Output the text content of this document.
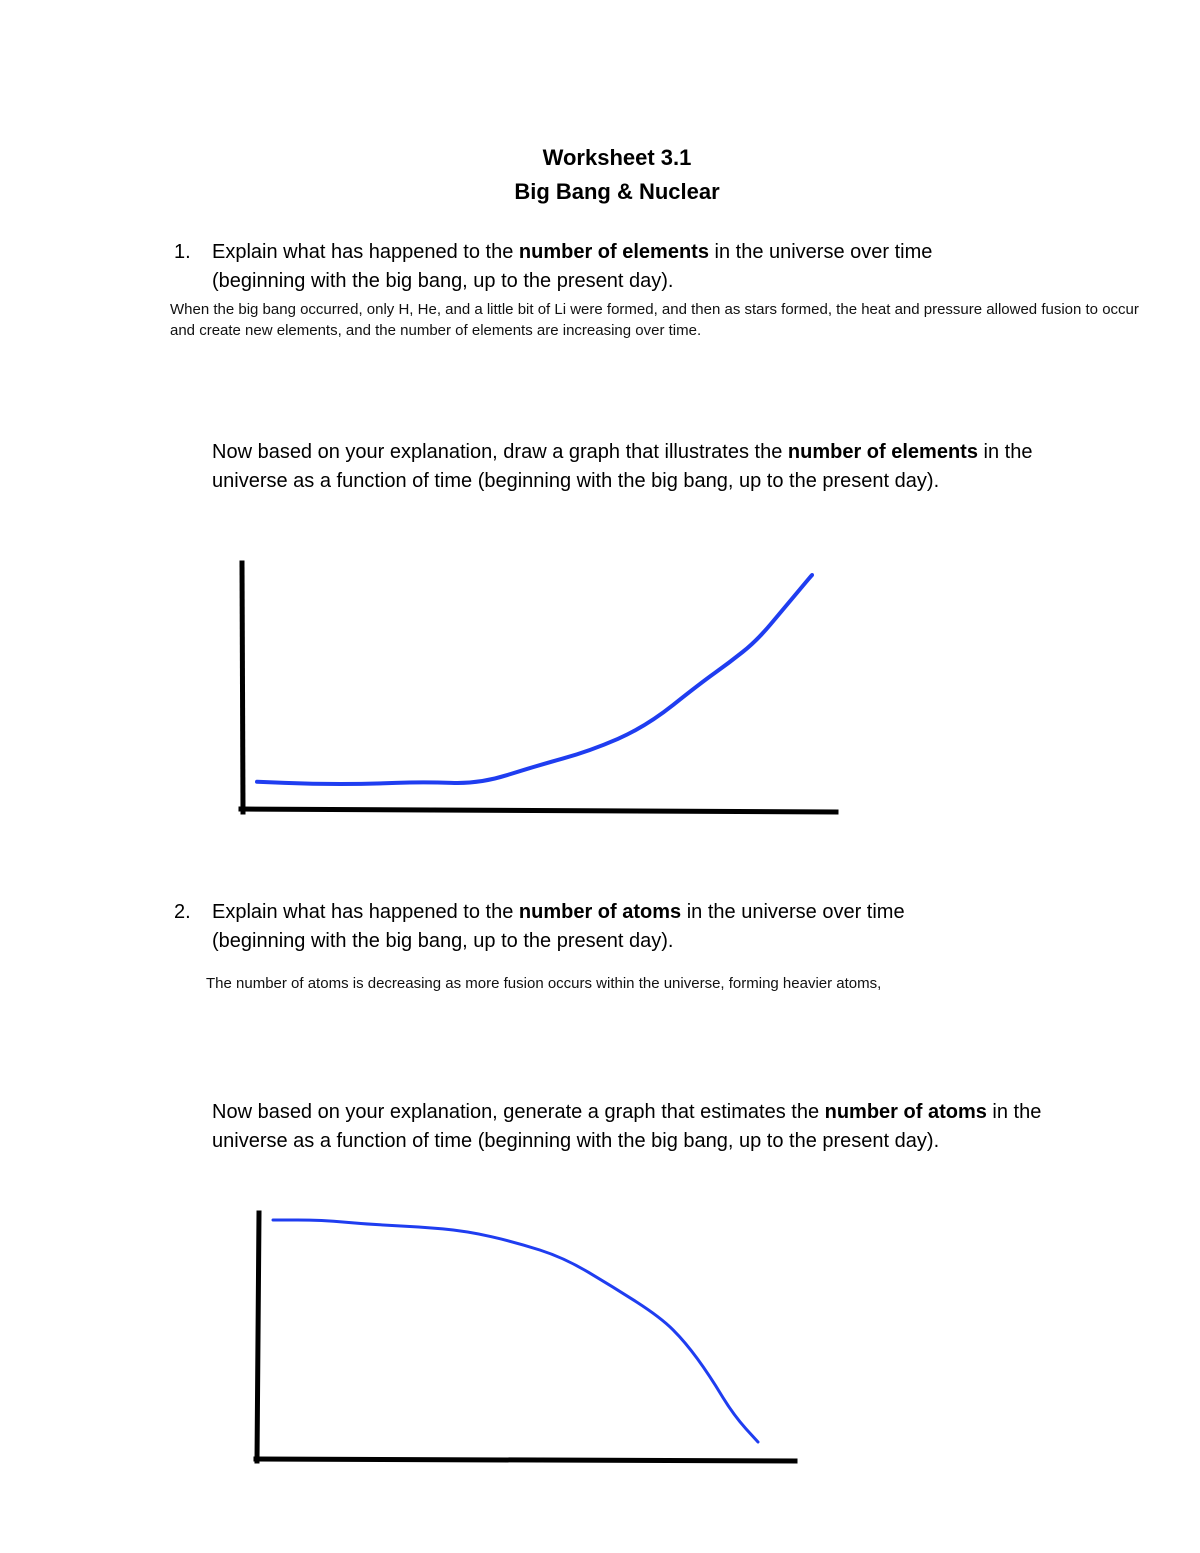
Worksheet 3.1
Big Bang & Nuclear
1.	Explain what has happened to the number of elements in the universe over time
(beginning with the big bang, up to the present day).
When the big bang occurred, only H, He, and a little bit of Li were formed, and then as stars formed, the heat and pressure allowed fusion to occur and create new elements, and the number of elements are increasing over time.
Now based on your explanation, draw a graph that illustrates the number of elements in the universe as a function of time (beginning with the big bang, up to the present day).
2.	Explain what has happened to the number of atoms in the universe over time
(beginning with the big bang, up to the present day).
The number of atoms is decreasing as more fusion occurs within the universe, forming heavier atoms,
Now based on your explanation, generate a graph that estimates the number of atoms in the universe as a function of time (beginning with the big bang, up to the present day).
